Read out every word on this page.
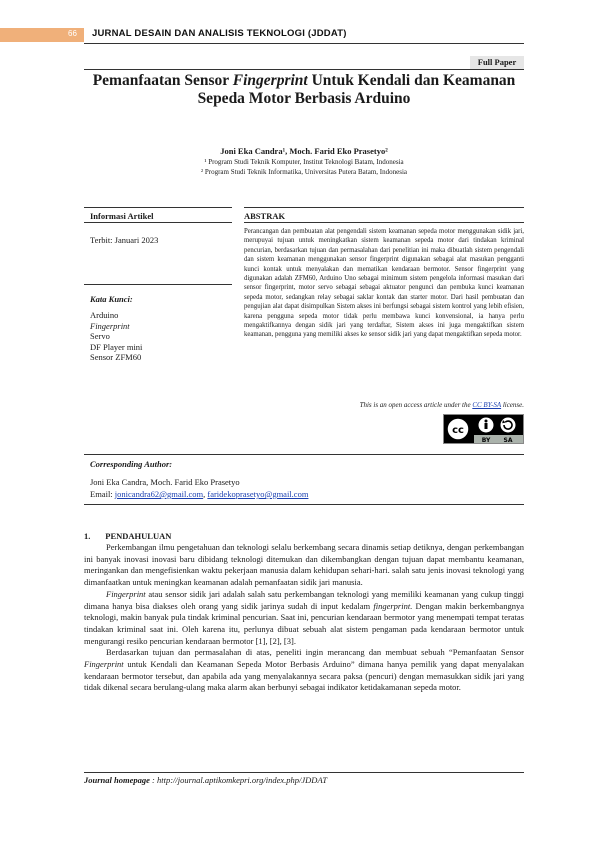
66 JURNAL DESAIN DAN ANALISIS TEKNOLOGI (JDDAT)
Full Paper
Pemanfaatan Sensor Fingerprint Untuk Kendali dan Keamanan
Sepeda Motor Berbasis Arduino
Joni Eka Candra¹, Moch. Farid Eko Prasetyo²
¹ Program Studi Teknik Komputer, Institut Teknologi Batam, Indonesia
² Program Studi Teknik Informatika, Universitas Putera Batam, Indonesia
Informasi Artikel	ABSTRAK
Terbit: Januari 2023
Kata Kunci:
Arduino
Fingerprint
Servo
DF Player mini
Sensor ZFM60
Perancangan dan pembuatan alat pengendali sistem keamanan sepeda motor menggunakan sidik jari, merupuyai tujuan untuk meningkatkan sistem keamanan sepeda motor dari tindakan kriminal pencurian, berdasarkan tujuan dan permasalahan dari penelitian ini maka dibuatlah sistem pengendali dan sistem keamanan menggunakan sensor fingerprint digunakan sebagai alat masukan pengganti kunci kontak untuk menyalakan dan mematikan kendaraan bermotor. Sensor fingerprint yang digunakan adalah ZFM60, Arduino Uno sebagai minimum sistem pengelola informasi masukan dari sensor fingerprint, motor servo sebagai sebagai aktuator pengunci dan pembuka kunci keamanan sepeda motor, sedangkan relay sebagai saklar kontak dan starter motor. Dari hasil pembuatan dan pengujian alat dapat disimpulkan Sistem akses ini berfungsi sebagai sistem kontrol yang lebih efisien, karena pengguna sepeda motor tidak perlu membawa kunci konvensional, ia hanya perlu mengaktifkannya dengan sidik jari yang terdaftar, Sistem akses ini juga mengaktifkan sistem keamanan, pengguna yang memiliki akses ke sensor sidik jari yang dapat mengaktifkan sepeda motor.
This is an open access article under the CC BY-SA license.
cc
BY SA
Corresponding Author:
Joni Eka Candra, Moch. Farid Eko Prasetyo
Email: jonicandra62@gmail.com, faridekoprasetyo@gmail.com
1.       PENDAHULUAN

Perkembangan ilmu pengetahuan dan teknologi selalu berkembang secara dinamis setiap detiknya, dengan perkembangan ini banyak inovasi inovasi baru dibidang teknologi ditemukan dan dikembangkan dengan tujuan dapat membantu keamanan, meringankan dan mengefisienkan waktu pekerjaan manusia dalam kehidupan sehari-hari. salah satu jenis inovasi teknologi yang dimanfaatkan untuk meningkan keamanan adalah pemanfaatan sidik jari manusia.

Fingerprint atau sensor sidik jari adalah salah satu perkembangan teknologi yang memiliki keamanan yang cukup tinggi dimana hanya bisa diakses oleh orang yang sidik jarinya sudah di input kedalam fingerprint. Dengan makin berkembangnya teknologi, makin banyak pula tindak kriminal pencurian. Saat ini, pencurian kendaraan bermotor yang menempati tempat teratas tindakan kriminal saat ini. Oleh karena itu, perlunya dibuat sebuah alat sistem pengaman pada kendaraan bermotor untuk mengurangi resiko pencurian kendaraan bermotor [1], [2], [3].

Berdasarkan tujuan dan permasalahan di atas, peneliti ingin merancang dan membuat sebuah “Pemanfaatan Sensor Fingerprint untuk Kendali dan Keamanan Sepeda Motor Berbasis Arduino” dimana hanya pemilik yang dapat menyalakan kendaraan bermotor tersebut, dan apabila ada yang menyalakannya secara paksa (pencuri) dengan memasukkan sidik jari yang tidak dikenal secara berulang-ulang maka alarm akan berbunyi sebagai indikator ketidakamanan sepeda motor.

Journal homepage : http://journal.aptikomkepri.org/index.php/JDDAT
